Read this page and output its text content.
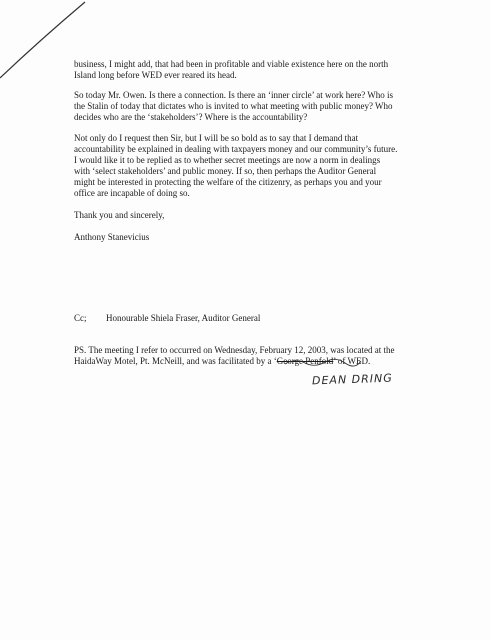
business, I might add, that had been in profitable and viable existence here on the north
Island long before WED ever reared its head.

So today Mr. Owen. Is there a connection. Is there an ‘inner circle’ at work here? Who is
the Stalin of today that dictates who is invited to what meeting with public money? Who
decides who are the ‘stakeholders’? Where is the accountability?

Not only do I request then Sir, but I will be so bold as to say that I demand that
accountability be explained in dealing with taxpayers money and our community’s future.
I would like it to be replied as to whether secret meetings are now a norm in dealings
with ‘select stakeholders’ and public money. If so, then perhaps the Auditor General
might be interested in protecting the welfare of the citizenry, as perhaps you and your
office are incapable of doing so.

Thank you and sincerely,

Anthony Stanevicius

Cc; Honourable Shiela Fraser, Auditor General

PS. The meeting I refer to occurred on Wednesday, February 12, 2003, was located at the
HaidaWay Motel, Pt. McNeill, and was facilitated by a ‘George Penfold’ of WED.

DEAN DRING
